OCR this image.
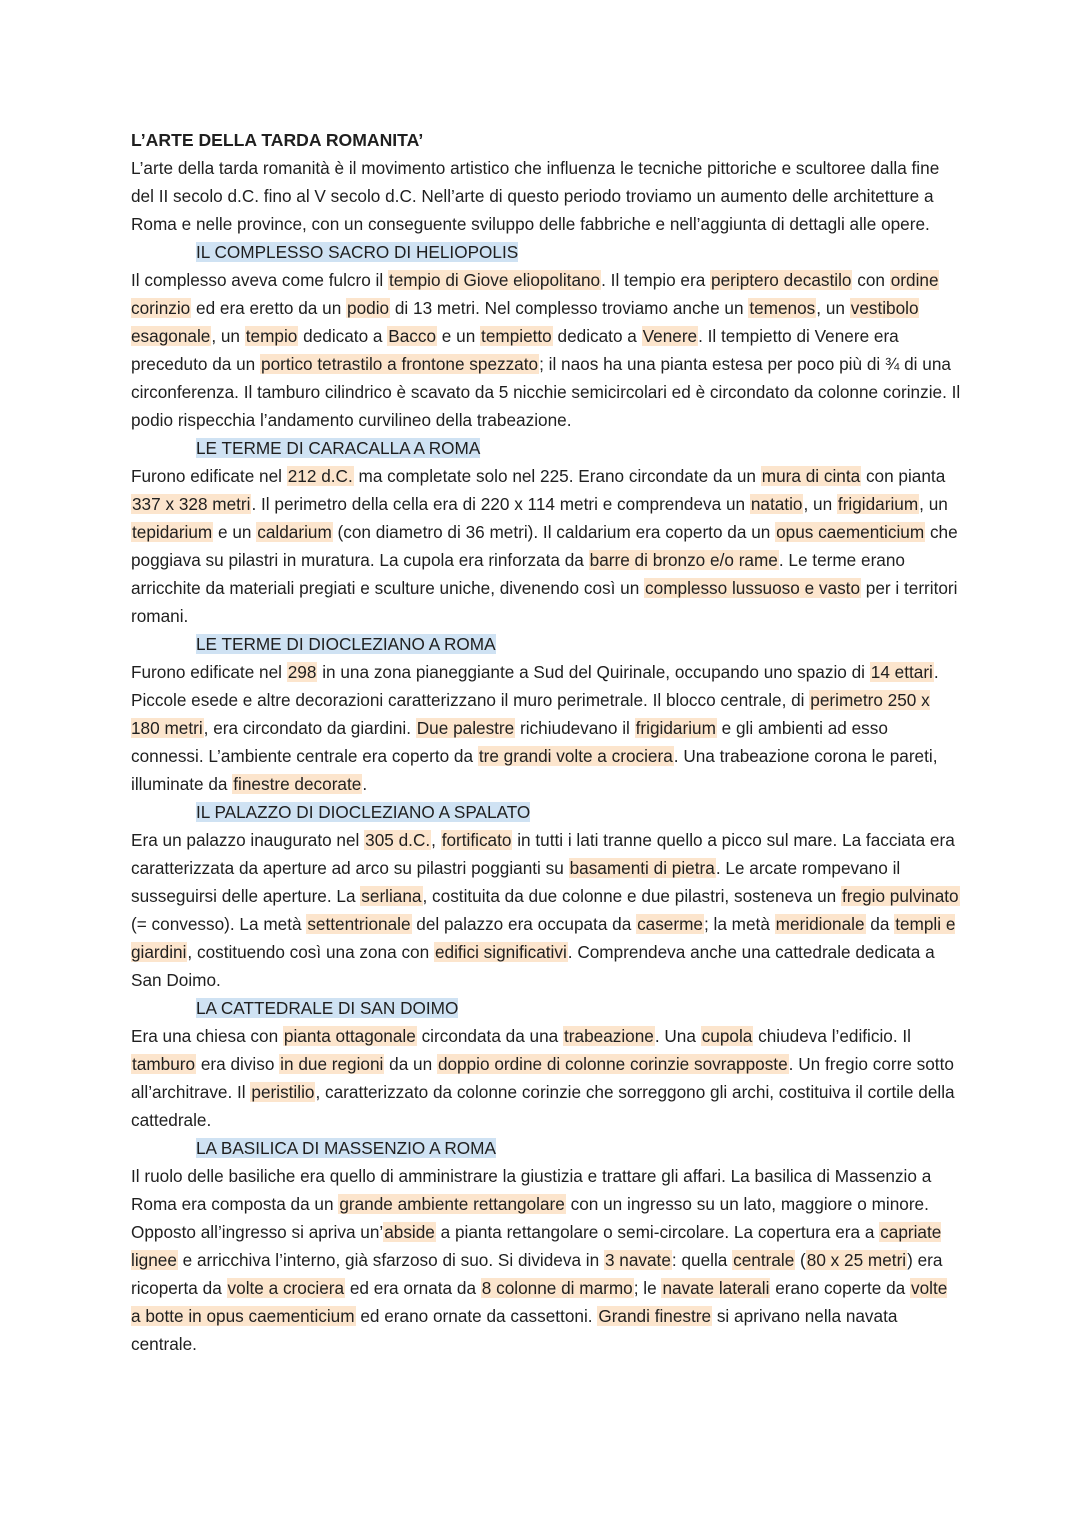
L’ARTE DELLA TARDA ROMANITA’

L’arte della tarda romanità è il movimento artistico che influenza le tecniche pittoriche e scultoree dalla fine del II secolo d.C. fino al V secolo d.C. Nell’arte di questo periodo troviamo un aumento delle architetture a Roma e nelle province, con un conseguente sviluppo delle fabbriche e nell’aggiunta di dettagli alle opere.

IL COMPLESSO SACRO DI HELIOPOLIS

Il complesso aveva come fulcro il tempio di Giove eliopolitano. Il tempio era periptero decastilo con ordine corinzio ed era eretto da un podio di 13 metri. Nel complesso troviamo anche un temenos, un vestibolo esagonale, un tempio dedicato a Bacco e un tempietto dedicato a Venere. Il tempietto di Venere era preceduto da un portico tetrastilo a frontone spezzato; il naos ha una pianta estesa per poco più di ¾ di una circonferenza. Il tamburo cilindrico è scavato da 5 nicchie semicircolari ed è circondato da colonne corinzie. Il podio rispecchia l’andamento curvilineo della trabeazione.

LE TERME DI CARACALLA A ROMA

Furono edificate nel 212 d.C. ma completate solo nel 225. Erano circondate da un mura di cinta con pianta 337 x 328 metri. Il perimetro della cella era di 220 x 114 metri e comprendeva un natatio, un frigidarium, un tepidarium e un caldarium (con diametro di 36 metri). Il caldarium era coperto da un opus caementicium che poggiava su pilastri in muratura. La cupola era rinforzata da barre di bronzo e/o rame. Le terme erano arricchite da materiali pregiati e sculture uniche, divenendo così un complesso lussuoso e vasto per i territori romani.

LE TERME DI DIOCLEZIANO A ROMA

Furono edificate nel 298 in una zona pianeggiante a Sud del Quirinale, occupando uno spazio di 14 ettari. Piccole esede e altre decorazioni caratterizzano il muro perimetrale. Il blocco centrale, di perimetro 250 x 180 metri, era circondato da giardini. Due palestre richiudevano il frigidarium e gli ambienti ad esso connessi. L’ambiente centrale era coperto da tre grandi volte a crociera. Una trabeazione corona le pareti, illuminate da finestre decorate.

IL PALAZZO DI DIOCLEZIANO A SPALATO

Era un palazzo inaugurato nel 305 d.C., fortificato in tutti i lati tranne quello a picco sul mare. La facciata era caratterizzata da aperture ad arco su pilastri poggianti su basamenti di pietra. Le arcate rompevano il susseguirsi delle aperture. La serliana, costituita da due colonne e due pilastri, sosteneva un fregio pulvinato (= convesso). La metà settentrionale del palazzo era occupata da caserme; la metà meridionale da templi e giardini, costituendo così una zona con edifici significativi. Comprendeva anche una cattedrale dedicata a San Doimo.

LA CATTEDRALE DI SAN DOIMO

Era una chiesa con pianta ottagonale circondata da una trabeazione. Una cupola chiudeva l’edificio. Il tamburo era diviso in due regioni da un doppio ordine di colonne corinzie sovrapposte. Un fregio corre sotto all’architrave. Il peristilio, caratterizzato da colonne corinzie che sorreggono gli archi, costituiva il cortile della cattedrale.

LA BASILICA DI MASSENZIO A ROMA

Il ruolo delle basiliche era quello di amministrare la giustizia e trattare gli affari. La basilica di Massenzio a Roma era composta da un grande ambiente rettangolare con un ingresso su un lato, maggiore o minore. Opposto all’ingresso si apriva un’abside a pianta rettangolare o semi-circolare. La copertura era a capriate lignee e arricchiva l’interno, già sfarzoso di suo. Si divideva in 3 navate: quella centrale (80 x 25 metri) era ricoperta da volte a crociera ed era ornata da 8 colonne di marmo; le navate laterali erano coperte da volte a botte in opus caementicium ed erano ornate da cassettoni. Grandi finestre si aprivano nella navata centrale.
